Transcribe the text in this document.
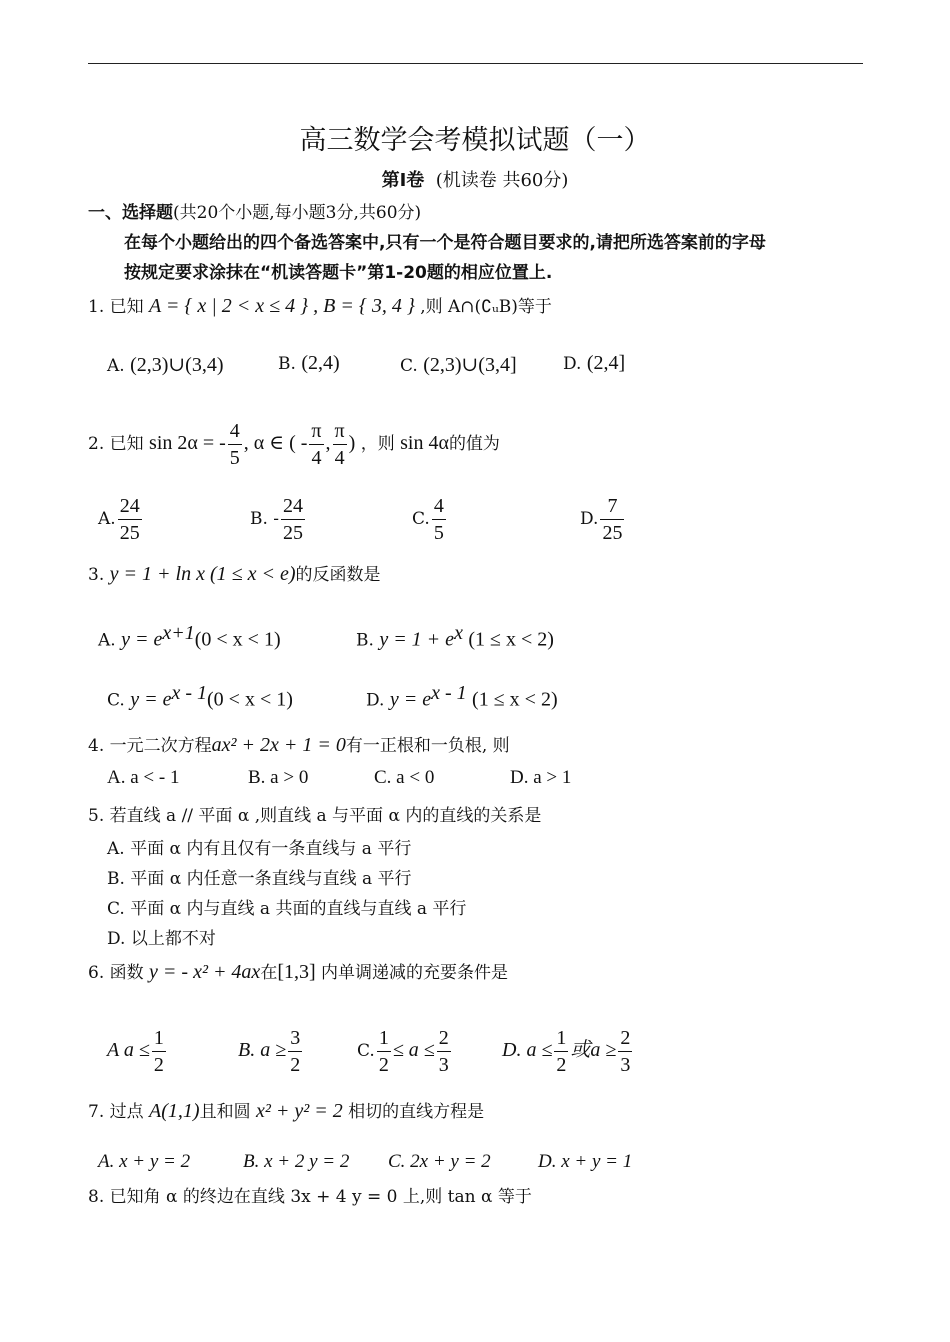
高三数学会考模拟试题（一）
第Ⅰ卷 (机读卷 共60分)
一、选择题(共20个小题,每小题3分,共60分)
在每个小题给出的四个备选答案中,只有一个是符合题目要求的,请把所选答案前的字母
按规定要求涂抹在“机读答题卡”第1-20题的相应位置上.
1. 已知 A = { x | 2 < x ≤ 4 } , B = { 3, 4 } ,则 A∩(∁ᵤB)等于
A. (2,3)∪(3,4)	B. (2,4)	C. (2,3)∪(3,4]	D. (2,4]
2. 已知 sin 2α = - $\frac{4}{5}$ , α ∈ ( - $\frac{\pi}{4}$ , $\frac{\pi}{4}$ ) ，则 sin 4α的值为
A. $\frac{24}{25}$	B. - $\frac{24}{25}$	C. $\frac{4}{5}$	D. $\frac{7}{25}$
3. y = 1 + ln x (1 ≤ x < e)的反函数是
A. $y = e^{x+1}(0 < x < 1)$	B. $y = 1 + e^x$ (1 ≤ x < 2)
C. $y = e^{x - 1}(0 < x < 1)$	D. $y = e^{x - 1}$ (1 ≤ x < 2)
4. 一元二次方程ax² + 2x + 1 = 0有一正根和一负根, 则
A. a < - 1	B. a > 0	C. a < 0	D. a > 1
5. 若直线 a // 平面 α ,则直线 a 与平面 α 内的直线的关系是
A. 平面 α 内有且仅有一条直线与 a 平行
B. 平面 α 内任意一条直线与直线 a 平行
C. 平面 α 内与直线 a 共面的直线与直线 a 平行
D. 以上都不对
6. 函数 y = - x² + 4ax在[1,3] 内单调递减的充要条件是
A $a \le \frac{1}{2}$	B. $a \ge \frac{3}{2}$	C. $\frac{1}{2} \le a \le \frac{2}{3}$	D. $a \le \frac{1}{2}$ 或$a \ge \frac{2}{3}$
7. 过点 A(1,1)且和圆 x² + y² = 2 相切的直线方程是
A. x + y = 2	B. x + 2 y = 2 C. 2x + y = 2 D. x + y = 1
8. 已知角 α 的终边在直线 3x + 4 y = 0 上,则 tan α 等于
